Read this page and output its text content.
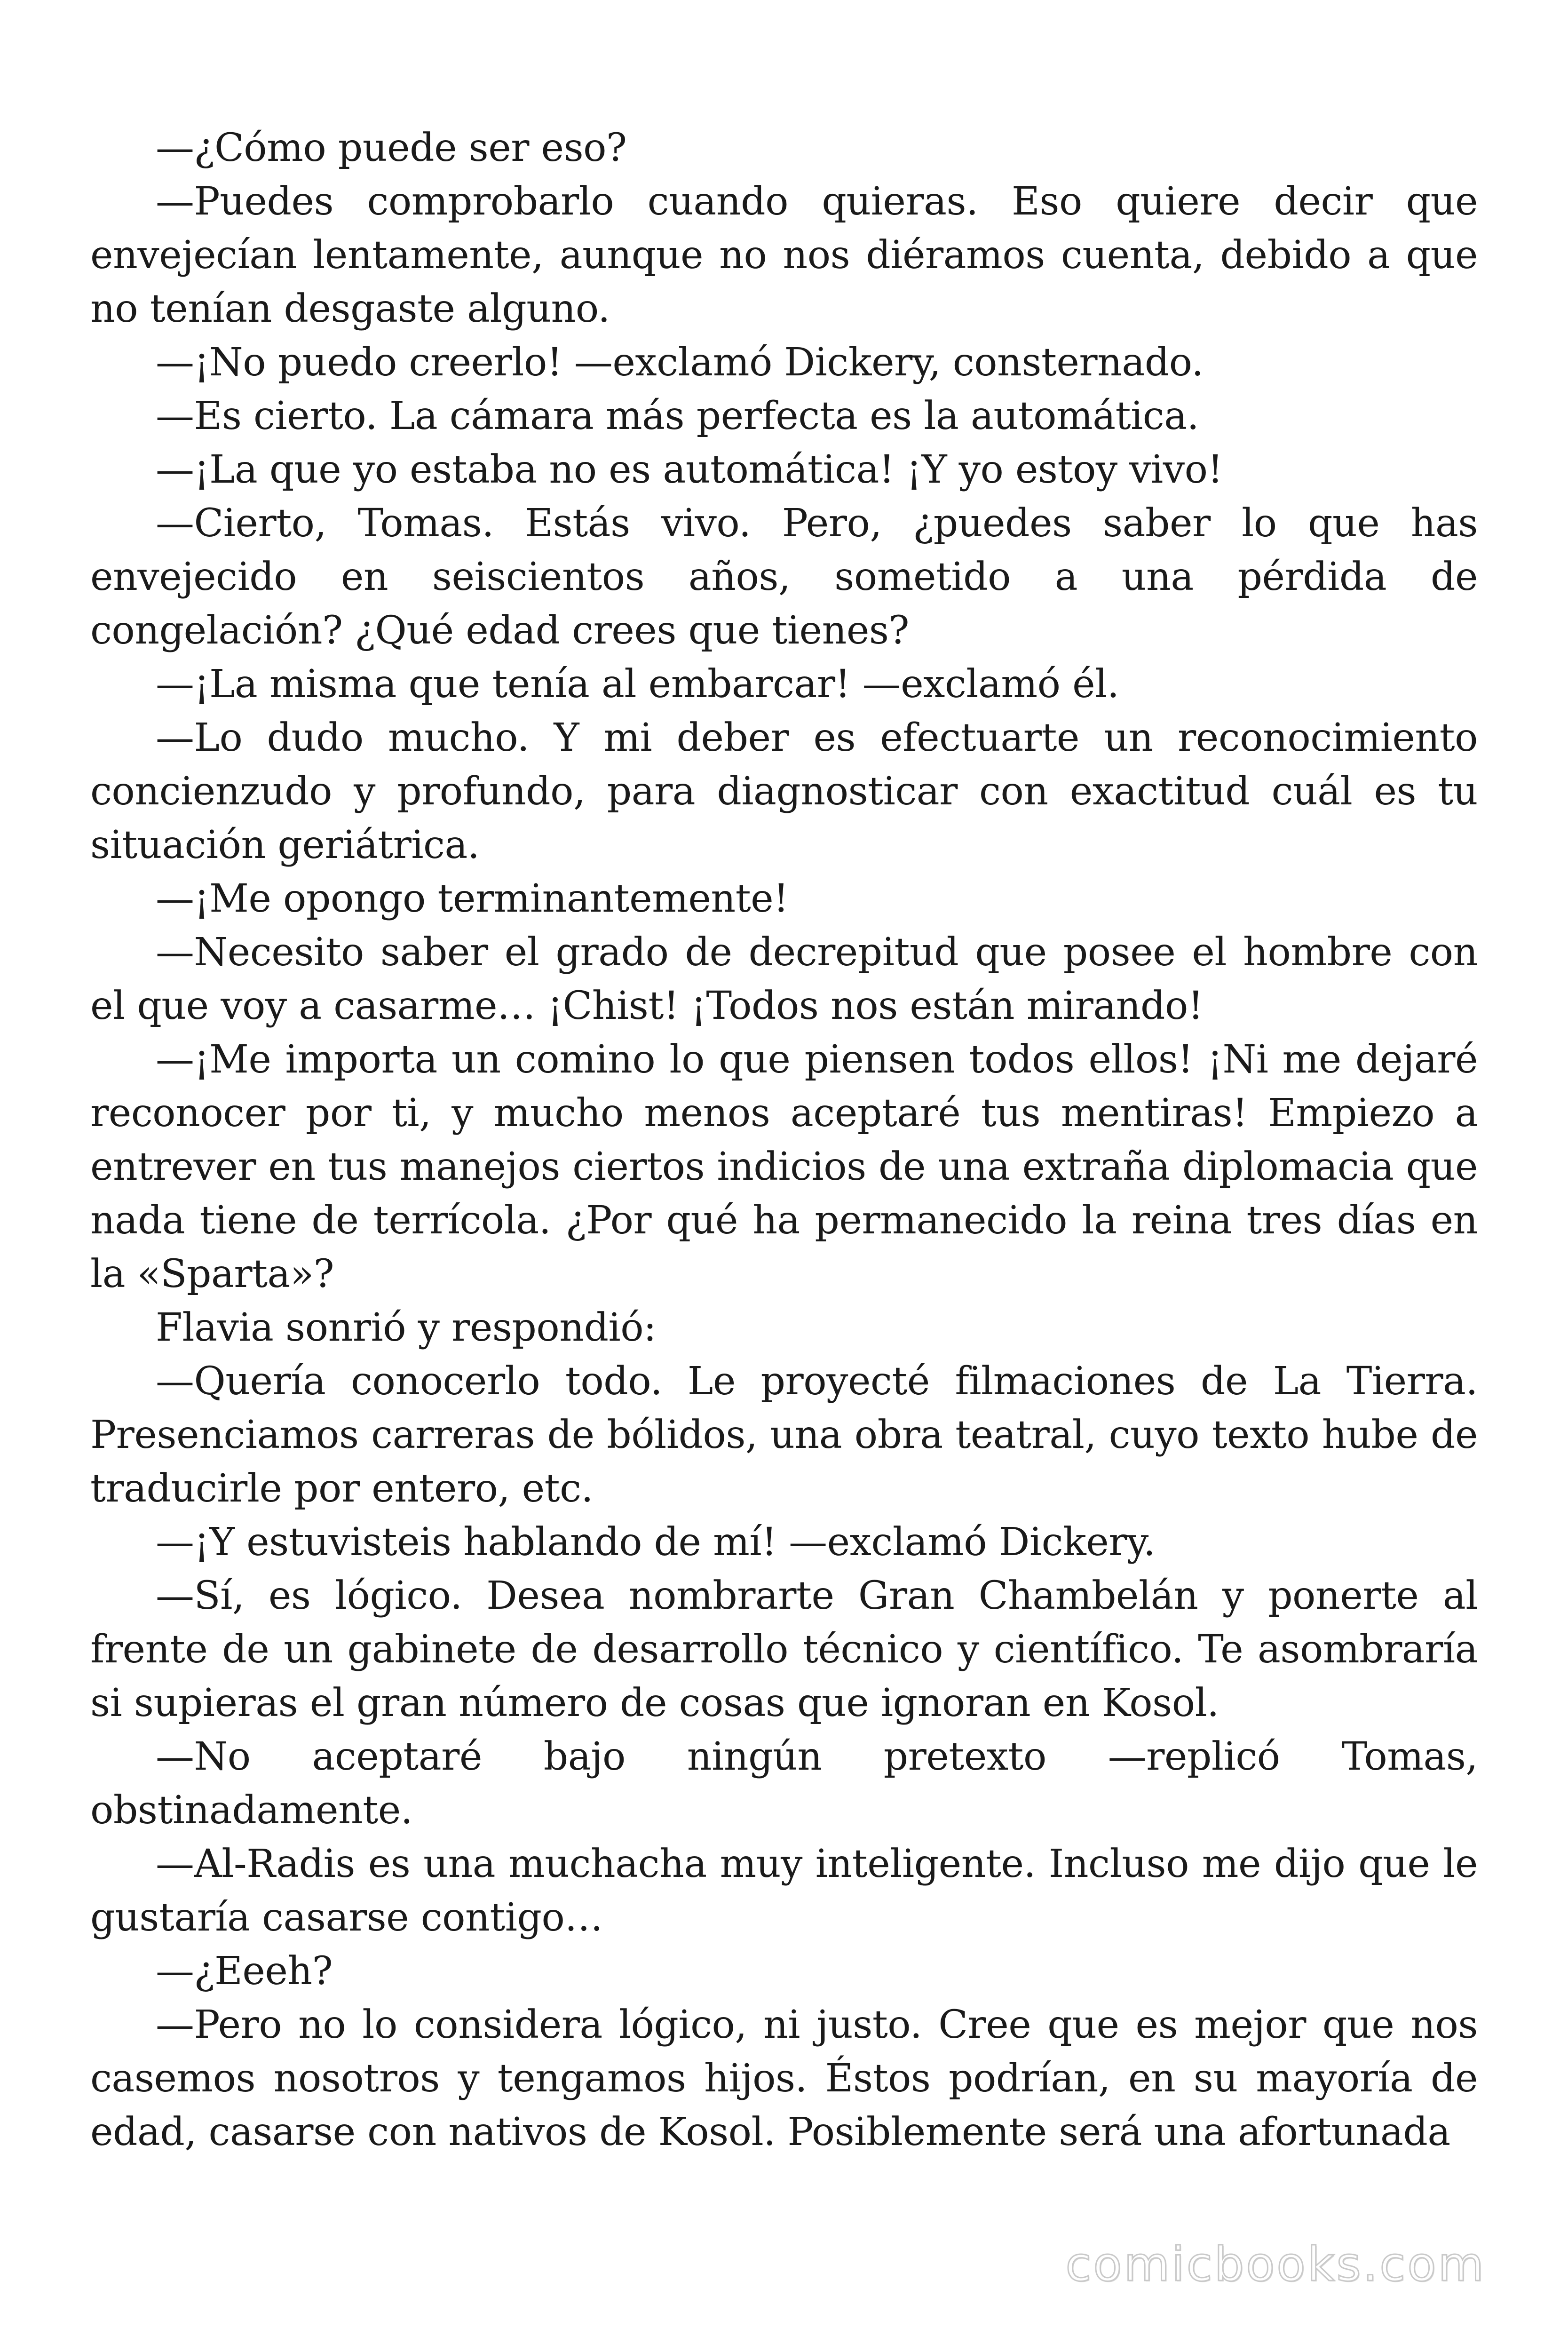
—¿Cómo puede ser eso?

—Puedes comprobarlo cuando quieras. Eso quiere decir que envejecían lentamente, aunque no nos diéramos cuenta, debido a que no tenían desgaste alguno.

—¡No puedo creerlo! —exclamó Dickery, consternado.

—Es cierto. La cámara más perfecta es la automática.

—¡La que yo estaba no es automática! ¡Y yo estoy vivo!

—Cierto, Tomas. Estás vivo. Pero, ¿puedes saber lo que has envejecido en seiscientos años, sometido a una pérdida de congelación? ¿Qué edad crees que tienes?

—¡La misma que tenía al embarcar! —exclamó él.

—Lo dudo mucho. Y mi deber es efectuarte un reconocimiento concienzudo y profundo, para diagnosticar con exactitud cuál es tu situación geriátrica.

—¡Me opongo terminantemente!

—Necesito saber el grado de decrepitud que posee el hombre con el que voy a casarme… ¡Chist! ¡Todos nos están mirando!

—¡Me importa un comino lo que piensen todos ellos! ¡Ni me dejaré reconocer por ti, y mucho menos aceptaré tus mentiras! Empiezo a entrever en tus manejos ciertos indicios de una extraña diplomacia que nada tiene de terrícola. ¿Por qué ha permanecido la reina tres días en la «Sparta»?

Flavia sonrió y respondió:

—Quería conocerlo todo. Le proyecté filmaciones de La Tierra. Presenciamos carreras de bólidos, una obra teatral, cuyo texto hube de traducirle por entero, etc.

—¡Y estuvisteis hablando de mí! —exclamó Dickery.

—Sí, es lógico. Desea nombrarte Gran Chambelán y ponerte al frente de un gabinete de desarrollo técnico y científico. Te asombraría si supieras el gran número de cosas que ignoran en Kosol.

—No aceptaré bajo ningún pretexto —replicó Tomas, obstinadamente.

—Al-Radis es una muchacha muy inteligente. Incluso me dijo que le gustaría casarse contigo…

—¿Eeeh?

—Pero no lo considera lógico, ni justo. Cree que es mejor que nos casemos nosotros y tengamos hijos. Éstos podrían, en su mayoría de edad, casarse con nativos de Kosol. Posiblemente será una afortunada

comicbooks.com
